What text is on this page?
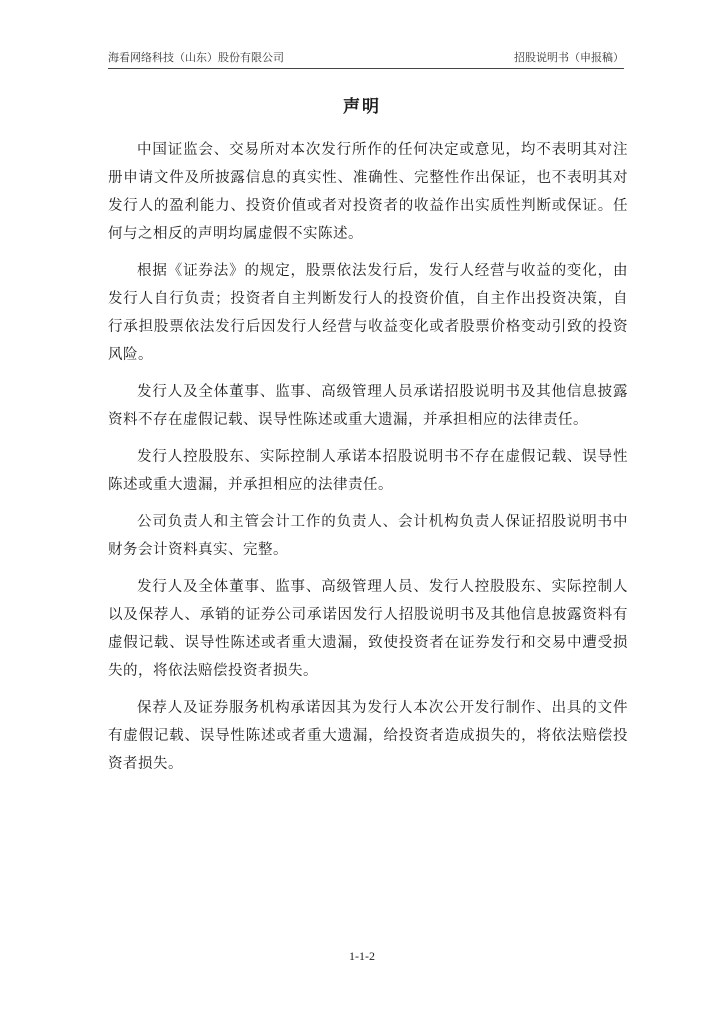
海看网络科技（山东）股份有限公司	招股说明书（申报稿）
声明

中国证监会、交易所对本次发行所作的任何决定或意见，均不表明其对注册申请文件及所披露信息的真实性、准确性、完整性作出保证，也不表明其对发行人的盈利能力、投资价值或者对投资者的收益作出实质性判断或保证。任何与之相反的声明均属虚假不实陈述。

根据《证券法》的规定，股票依法发行后，发行人经营与收益的变化，由发行人自行负责；投资者自主判断发行人的投资价值，自主作出投资决策，自行承担股票依法发行后因发行人经营与收益变化或者股票价格变动引致的投资风险。

发行人及全体董事、监事、高级管理人员承诺招股说明书及其他信息披露资料不存在虚假记载、误导性陈述或重大遗漏，并承担相应的法律责任。

发行人控股股东、实际控制人承诺本招股说明书不存在虚假记载、误导性陈述或重大遗漏，并承担相应的法律责任。

公司负责人和主管会计工作的负责人、会计机构负责人保证招股说明书中财务会计资料真实、完整。

发行人及全体董事、监事、高级管理人员、发行人控股股东、实际控制人以及保荐人、承销的证券公司承诺因发行人招股说明书及其他信息披露资料有虚假记载、误导性陈述或者重大遗漏，致使投资者在证券发行和交易中遭受损失的，将依法赔偿投资者损失。

保荐人及证券服务机构承诺因其为发行人本次公开发行制作、出具的文件有虚假记载、误导性陈述或者重大遗漏，给投资者造成损失的，将依法赔偿投资者损失。

1-1-2
